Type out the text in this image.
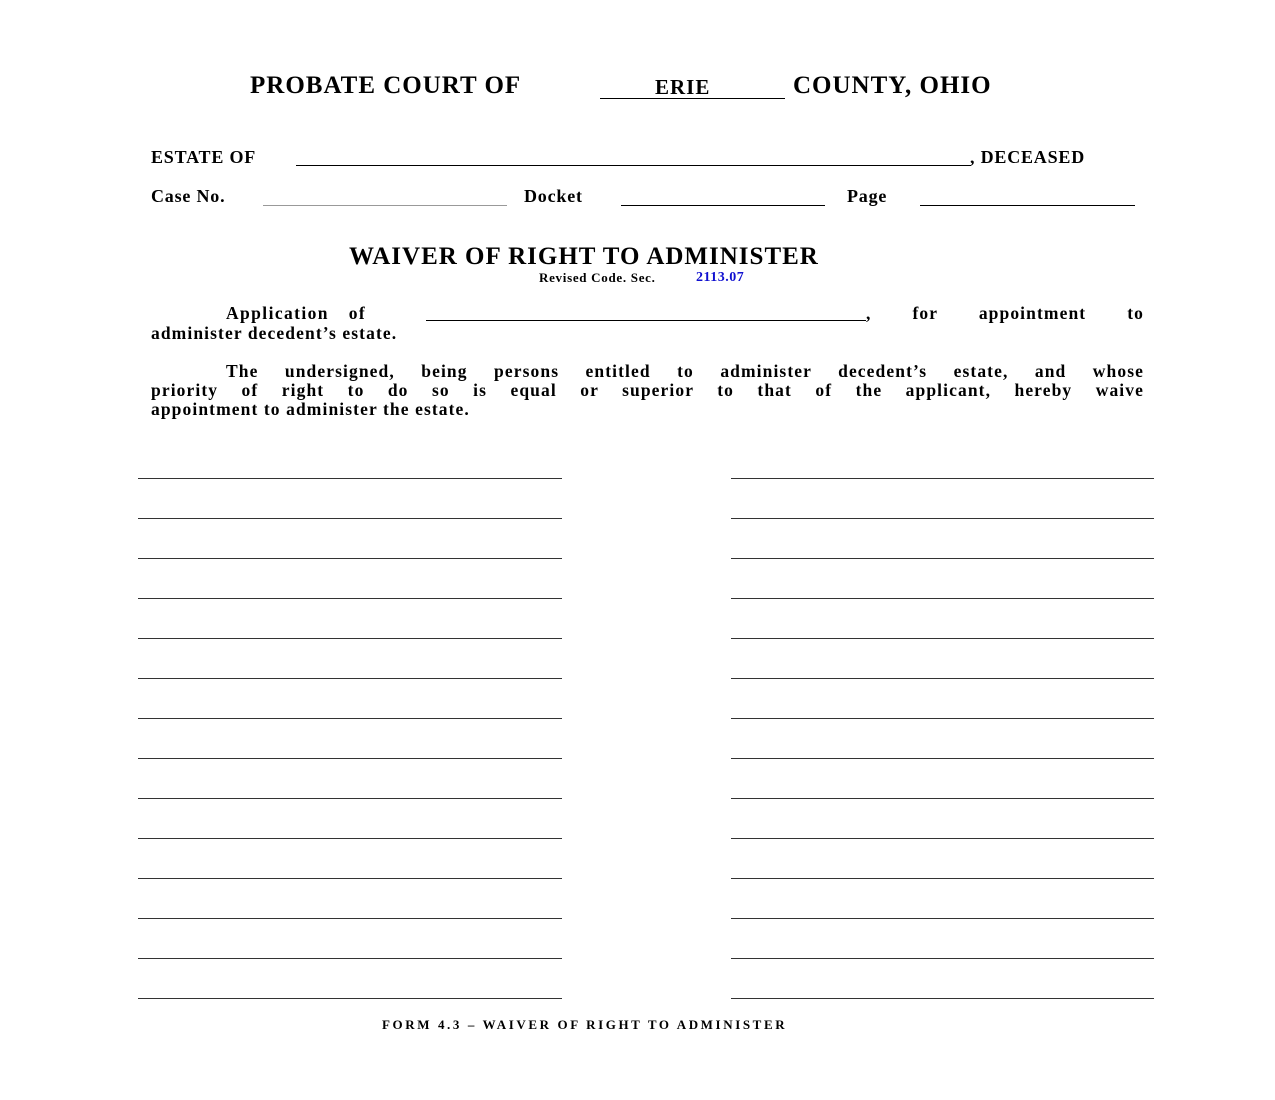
PROBATE COURT OF	ERIE	COUNTY, OHIO
ESTATE OF	, DECEASED
Case No.	Docket	Page
WAIVER OF RIGHT TO ADMINISTER
Revised Code. Sec.	2113.07
Application of	, for appointment to
administer decedent’s estate.
The undersigned, being persons entitled to administer decedent’s estate, and whose
priority of right to do so is equal or superior to that of the applicant, hereby waive
appointment to administer the estate.
FORM 4.3 – WAIVER OF RIGHT TO ADMINISTER
